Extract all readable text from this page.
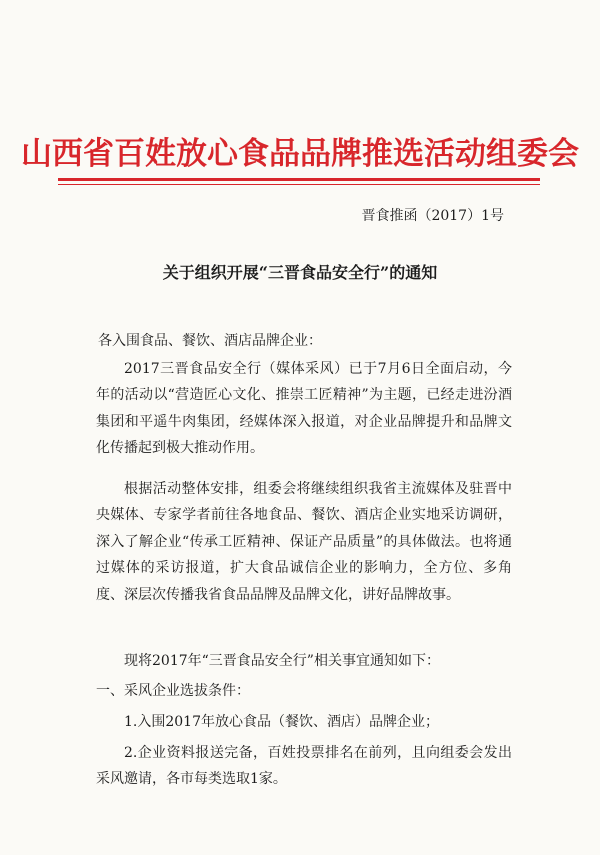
山西省百姓放心食品品牌推选活动组委会
晋食推函（2017）1号
关于组织开展“三晋食品安全行”的通知
各入围食品、餐饮、酒店品牌企业：
2017三晋食品安全行（媒体采风）已于7月6日全面启动，今年的活动以“营造匠心文化、推崇工匠精神”为主题，已经走进汾酒集团和平遥牛肉集团，经媒体深入报道，对企业品牌提升和品牌文化传播起到极大推动作用。
根据活动整体安排，组委会将继续组织我省主流媒体及驻晋中央媒体、专家学者前往各地食品、餐饮、酒店企业实地采访调研，深入了解企业“传承工匠精神、保证产品质量”的具体做法。也将通过媒体的采访报道，扩大食品诚信企业的影响力，全方位、多角度、深层次传播我省食品品牌及品牌文化，讲好品牌故事。
现将2017年“三晋食品安全行”相关事宜通知如下：
一、采风企业选拔条件：
1.入围2017年放心食品（餐饮、酒店）品牌企业；
2.企业资料报送完备，百姓投票排名在前列，且向组委会发出采风邀请，各市每类选取1家。
